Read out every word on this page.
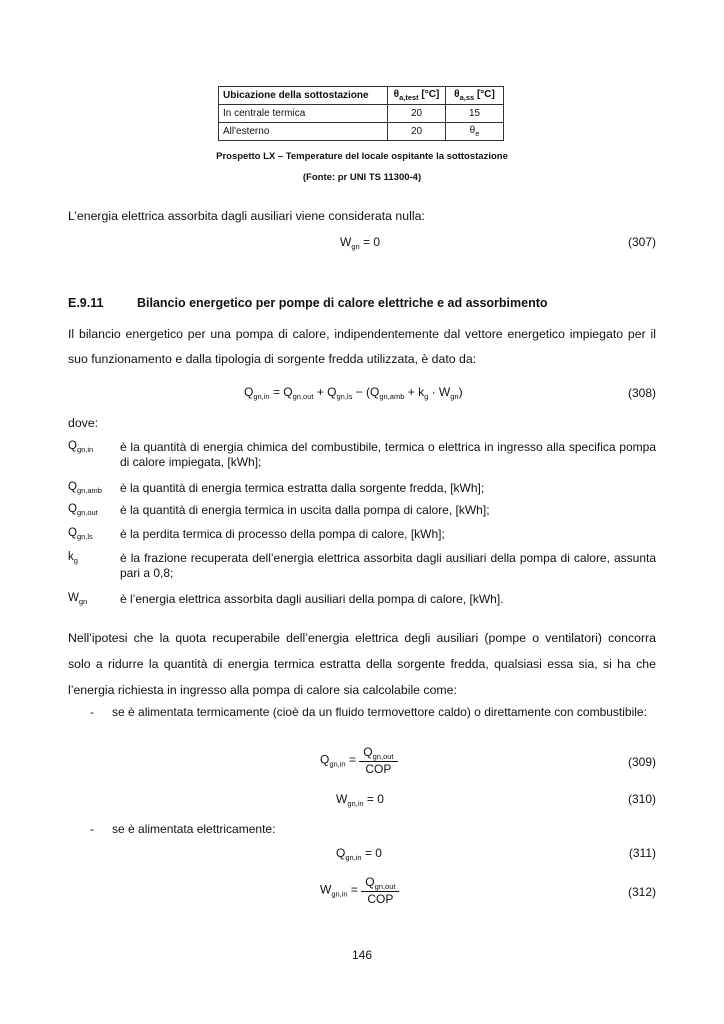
Ubicazione della sottostazione	$\theta_{a,test}$ [°C]	$\theta_{a,ss}$ [°C]
In centrale termica	20	15
All'esterno	20	$\theta_e$
Prospetto LX – Temperature del locale ospitante la sottostazione
(Fonte: pr UNI TS 11300-4)
L’energia elettrica assorbita dagli ausiliari viene considerata nulla:
$W_{gn} = 0$	(307)
E.9.11	Bilancio energetico per pompe di calore elettriche e ad assorbimento
Il bilancio energetico per una pompa di calore, indipendentemente dal vettore energetico impiegato per il
suo funzionamento e dalla tipologia di sorgente fredda utilizzata, è dato da:
$Q_{gn,in} = Q_{gn,out} + Q_{gn,ls} - (Q_{gn,amb} + k_g \cdot W_{gn})$	(308)
dove:
$Q_{gn,in}$ è la quantità di energia chimica del combustibile, termica o elettrica in ingresso alla specifica pompa di calore impiegata, [kWh];
$Q_{gn,amb}$ è la quantità di energia termica estratta dalla sorgente fredda, [kWh];
$Q_{gn,out}$ è la quantità di energia termica in uscita dalla pompa di calore, [kWh];
$Q_{gn,ls}$ è la perdita termica di processo della pompa di calore, [kWh];
$k_g$	è la frazione recuperata dell’energia elettrica assorbita dagli ausiliari della pompa di calore, assunta pari a 0,8;
$W_{gn}$	è l’energia elettrica assorbita dagli ausiliari della pompa di calore, [kWh].
Nell’ipotesi che la quota recuperabile dell’energia elettrica degli ausiliari (pompe o ventilatori) concorra
solo a ridurre la quantità di energia termica estratta della sorgente fredda, qualsiasi essa sia, si ha che
l’energia richiesta in ingresso alla pompa di calore sia calcolabile come:
- se è alimentata termicamente (cioè da un fluido termovettore caldo) o direttamente con combustibile:
$Q_{gn,in} = \frac{Q_{gn,out}}{\text{COP}}$	(309)
$W_{gn,in} = 0$	(310)
- se è alimentata elettricamente:
$Q_{gn,in} = 0$	(311)
$W_{gn,in} = \frac{Q_{gn,out}}{\text{COP}}$	(312)
146
